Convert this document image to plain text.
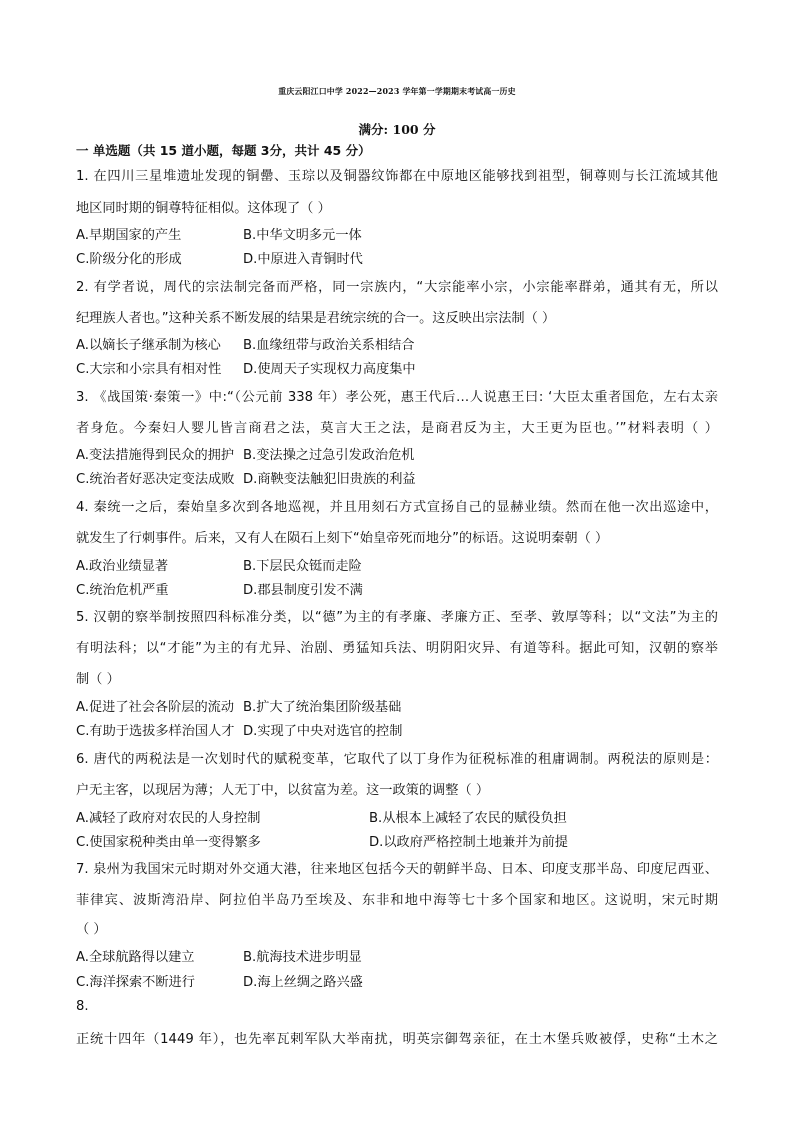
重庆云阳江口中学 2022—2023 学年第一学期期末考试高一历史
满分: 100 分
一 单选题（共 15 道小题，每题 3分，共计 45 分）
1. 在四川三星堆遗址发现的铜罍、玉琮以及铜器纹饰都在中原地区能够找到祖型，铜尊则与长江流域其他
地区同时期的铜尊特征相似。这体现了（ ）
A.早期国家的产生	B.中华文明多元一体
C.阶级分化的形成	D.中原进入青铜时代
2. 有学者说，周代的宗法制完备而严格，同一宗族内，“大宗能率小宗，小宗能率群弟，通其有无，所以
纪理族人者也。”这种关系不断发展的结果是君统宗统的合一。这反映出宗法制（ ）
A.以嫡长子继承制为核心 B.血缘纽带与政治关系相结合
C.大宗和小宗具有相对性 D.使周天子实现权力高度集中
3. 《战国策·秦策一》中:“（公元前 338 年）孝公死，惠王代后…人说惠王曰: ‘大臣太重者国危，左右太亲
者身危。今秦妇人婴儿皆言商君之法，莫言大王之法，是商君反为主，大王更为臣也。’”材料表明（ ）
A.变法措施得到民众的拥护 B.变法操之过急引发政治危机
C.统治者好恶决定变法成败 D.商鞅变法触犯旧贵族的利益
4. 秦统一之后，秦始皇多次到各地巡视，并且用刻石方式宣扬自己的显赫业绩。然而在他一次出巡途中，
就发生了行刺事件。后来，又有人在陨石上刻下“始皇帝死而地分”的标语。这说明秦朝（ ）
A.政治业绩显著	B.下层民众铤而走险
C.统治危机严重	D.郡县制度引发不满
5. 汉朝的察举制按照四科标准分类，以“德”为主的有孝廉、孝廉方正、至孝、敦厚等科；以“文法”为主的
有明法科；以“才能”为主的有尤异、治剧、勇猛知兵法、明阴阳灾异、有道等科。据此可知，汉朝的察举
制（ ）
A.促进了社会各阶层的流动 B.扩大了统治集团阶级基础
C.有助于选拔多样治国人才 D.实现了中央对选官的控制
6. 唐代的两税法是一次划时代的赋税变革，它取代了以丁身作为征税标准的租庸调制。两税法的原则是：
户无主客，以现居为薄；人无丁中，以贫富为差。这一政策的调整（ ）
A.减轻了政府对农民的人身控制	B.从根本上减轻了农民的赋役负担
C.使国家税种类由单一变得繁多	D.以政府严格控制土地兼并为前提
7. 泉州为我国宋元时期对外交通大港，往来地区包括今天的朝鲜半岛、日本、印度支那半岛、印度尼西亚、
菲律宾、波斯湾沿岸、阿拉伯半岛乃至埃及、东非和地中海等七十多个国家和地区。这说明，宋元时期
（ ）
A.全球航路得以建立	B.航海技术进步明显
C.海洋探索不断进行	D.海上丝绸之路兴盛
8.
正统十四年（1449 年），也先率瓦剌军队大举南扰，明英宗御驾亲征，在土木堡兵败被俘，史称“土木之
